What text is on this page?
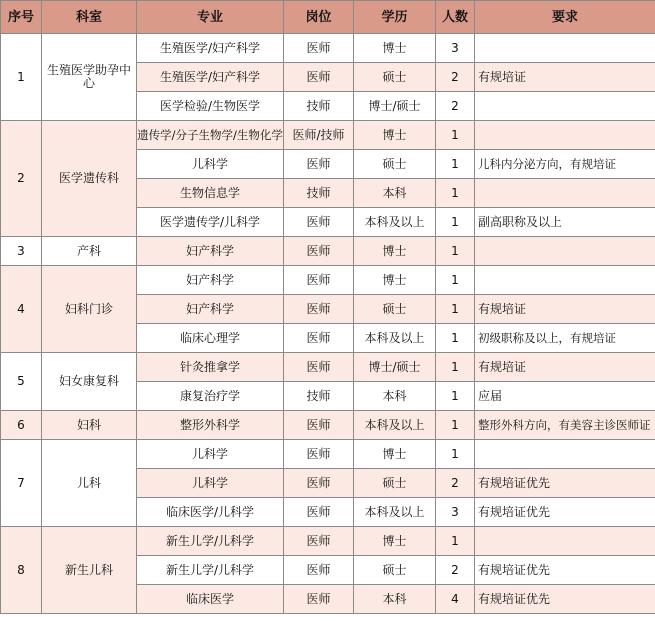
序号	科室	专业	岗位	学历	人数	要求
1	生殖医学助孕中心	生殖医学/妇产科学	医师	博士	3	
		生殖医学/妇产科学	医师	硕士	2	有规培证
		医学检验/生物医学	技师	博士/硕士	2	
2	医学遗传科	遗传学/分子生物学/生物化学	医师/技师	博士	1	
		儿科学	医师	硕士	1	儿科内分泌方向，有规培证
		生物信息学	技师	本科	1	
		医学遗传学/儿科学	医师	本科及以上	1	副高职称及以上
3	产科	妇产科学	医师	博士	1	
4	妇科门诊	妇产科学	医师	博士	1	
		妇产科学	医师	硕士	1	有规培证
		临床心理学	医师	本科及以上	1	初级职称及以上，有规培证
5	妇女康复科	针灸推拿学	医师	博士/硕士	1	有规培证
		康复治疗学	技师	本科	1	应届
6	妇科	整形外科学	医师	本科及以上	1	整形外科方向，有美容主诊医师证
7	儿科	儿科学	医师	博士	1	
		儿科学	医师	硕士	2	有规培证优先
		临床医学/儿科学	医师	本科及以上	3	有规培证优先
8	新生儿科	新生儿学/儿科学	医师	博士	1	
		新生儿学/儿科学	医师	硕士	2	有规培证优先
		临床医学	医师	本科	4	有规培证优先
